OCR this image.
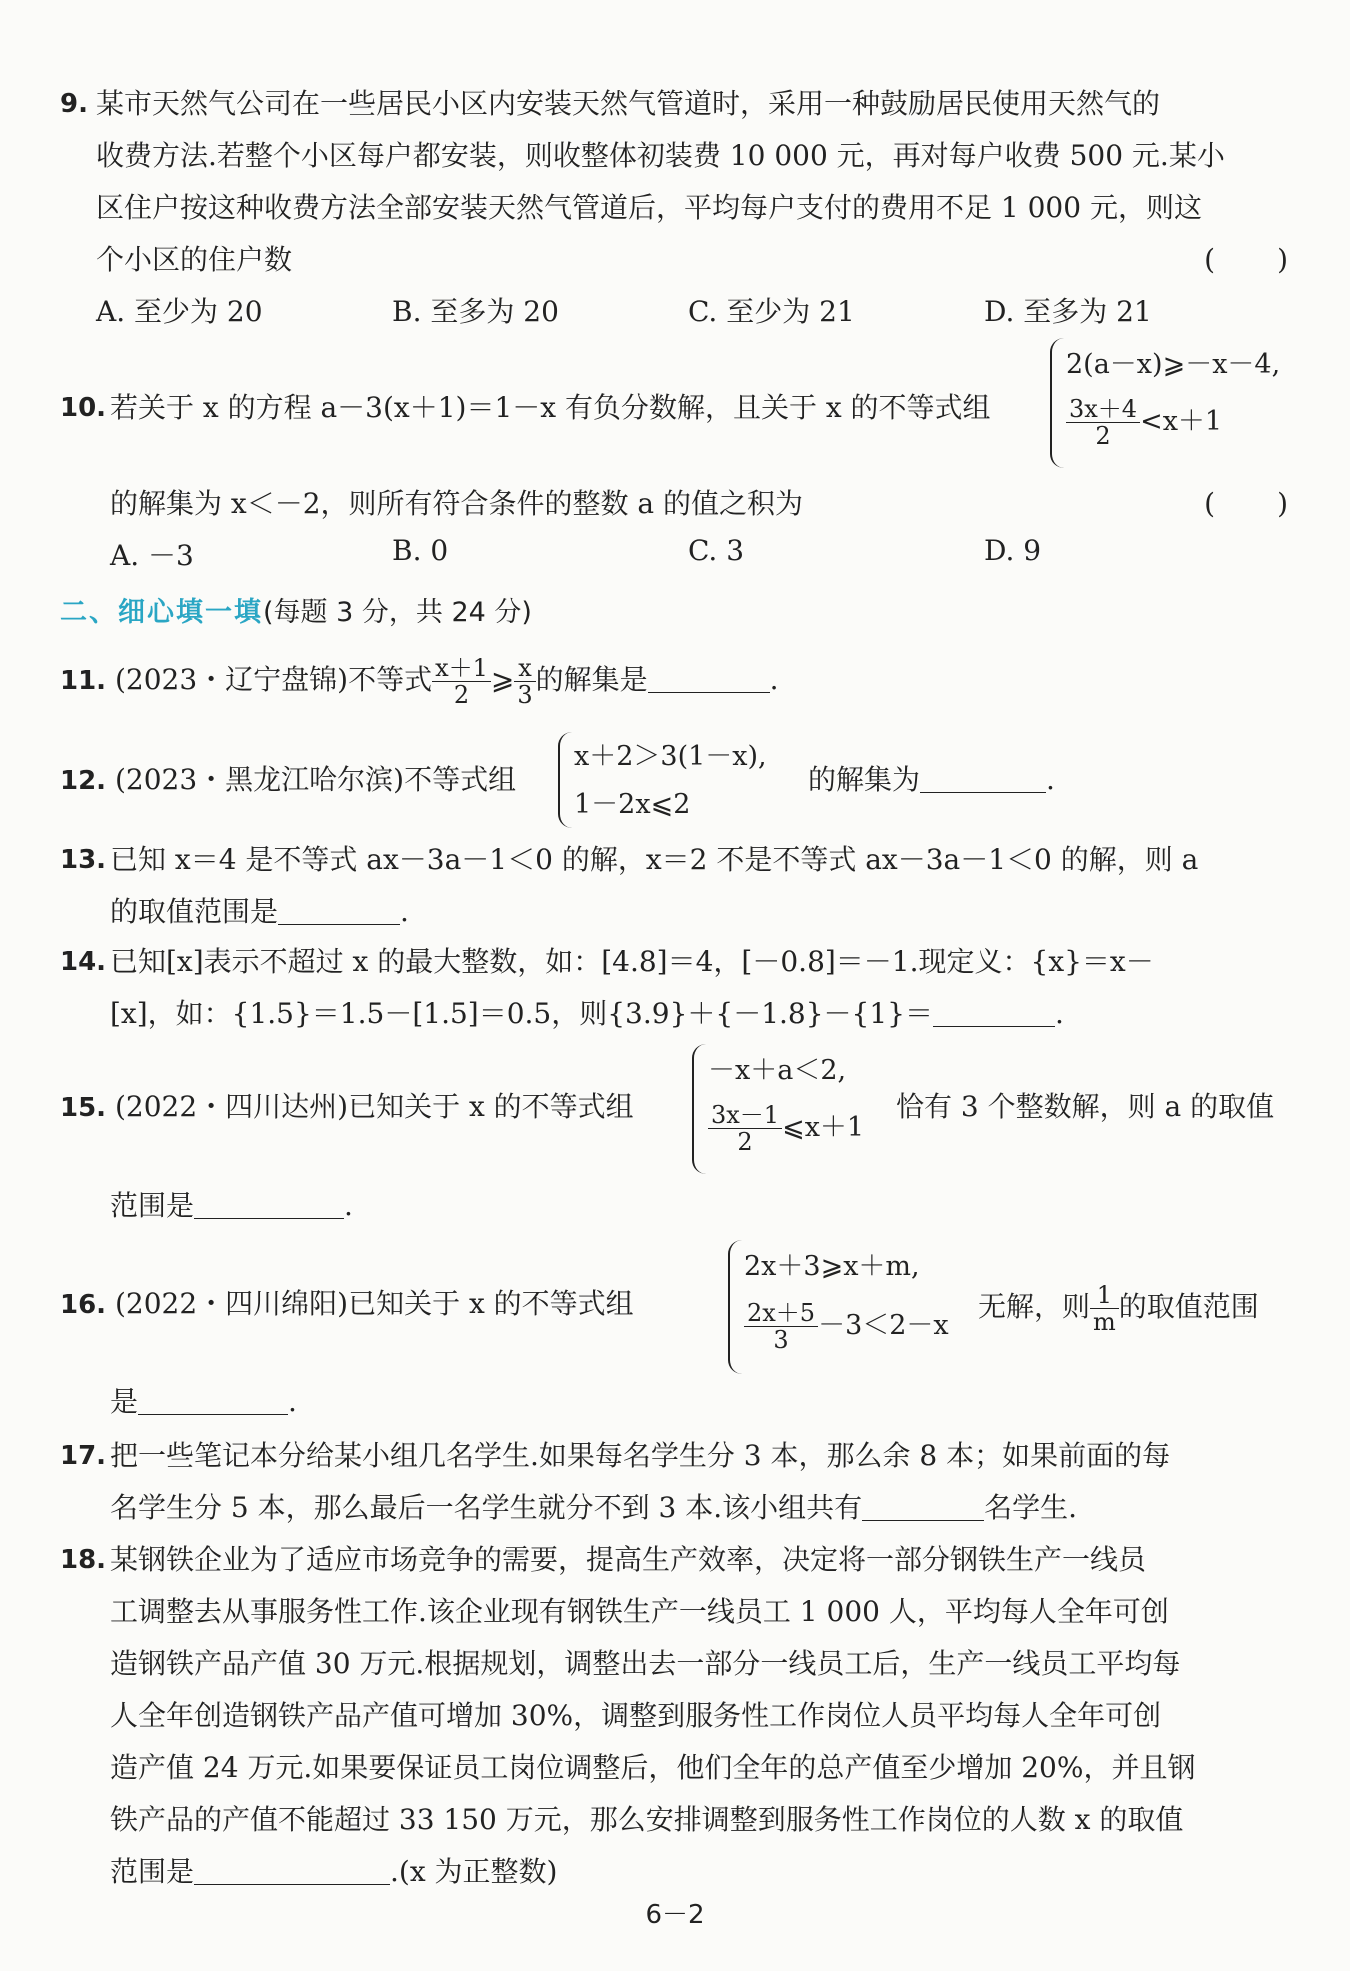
9. 某市天然气公司在一些居民小区内安装天然气管道时，采用一种鼓励居民使用天然气的
收费方法.若整个小区每户都安装，则收整体初装费 10 000 元，再对每户收费 500 元.某小
区住户按这种收费方法全部安装天然气管道后，平均每户支付的费用不足 1 000 元，则这
个小区的住户数	(　　)
A. 至少为 20	B. 至多为 20	C. 至少为 21	D. 至多为 21
10. 若关于 x 的方程 a－3(x＋1)＝1－x 有负分数解，且关于 x 的不等式组
2(a－x)⩾－x－4,
$\frac{3x+4}{2} <x+1$
的解集为 x＜－2，则所有符合条件的整数 a 的值之积为	(　　)
A. －3	B. 0	C. 3	D. 9
二、细心填一填(每题 3 分，共 24 分)
11. (2023・辽宁盘锦)不等式 $\frac{x+1}{2}$ ⩾ $\frac{x}{3}$ 的解集是	.
12. (2023・黑龙江哈尔滨)不等式组
x＋2＞3(1－x),
1－2x⩽2
的解集为	.
13. 已知 x＝4 是不等式 ax－3a－1＜0 的解，x＝2 不是不等式 ax－3a－1＜0 的解，则 a
的取值范围是	.
14. 已知[x]表示不超过 x 的最大整数，如：[4.8]＝4，[－0.8]＝－1.现定义：{x}＝x－
[x]，如：{1.5}＝1.5－[1.5]＝0.5，则{3.9}＋{－1.8}－{1}＝	.
15. (2022・四川达州)已知关于 x 的不等式组
－x＋a＜2,
$\frac{3x-1}{2}$ ⩽x＋1
恰有 3 个整数解，则 a 的取值
范围是	.
16. (2022・四川绵阳)已知关于 x 的不等式组
2x＋3⩾x＋m,
$\frac{2x+5}{3} -3<2-x$
无解，则 $\frac{1}{m}$ 的取值范围
是	.
17. 把一些笔记本分给某小组几名学生.如果每名学生分 3 本，那么余 8 本；如果前面的每
名学生分 5 本，那么最后一名学生就分不到 3 本.该小组共有	名学生.
18. 某钢铁企业为了适应市场竞争的需要，提高生产效率，决定将一部分钢铁生产一线员
工调整去从事服务性工作.该企业现有钢铁生产一线员工 1 000 人，平均每人全年可创
造钢铁产品产值 30 万元.根据规划，调整出去一部分一线员工后，生产一线员工平均每
人全年创造钢铁产品产值可增加 30%，调整到服务性工作岗位人员平均每人全年可创
造产值 24 万元.如果要保证员工岗位调整后，他们全年的总产值至少增加 20%，并且钢
铁产品的产值不能超过 33 150 万元，那么安排调整到服务性工作岗位的人数 x 的取值
范围是	.(x 为正整数)
6－2
